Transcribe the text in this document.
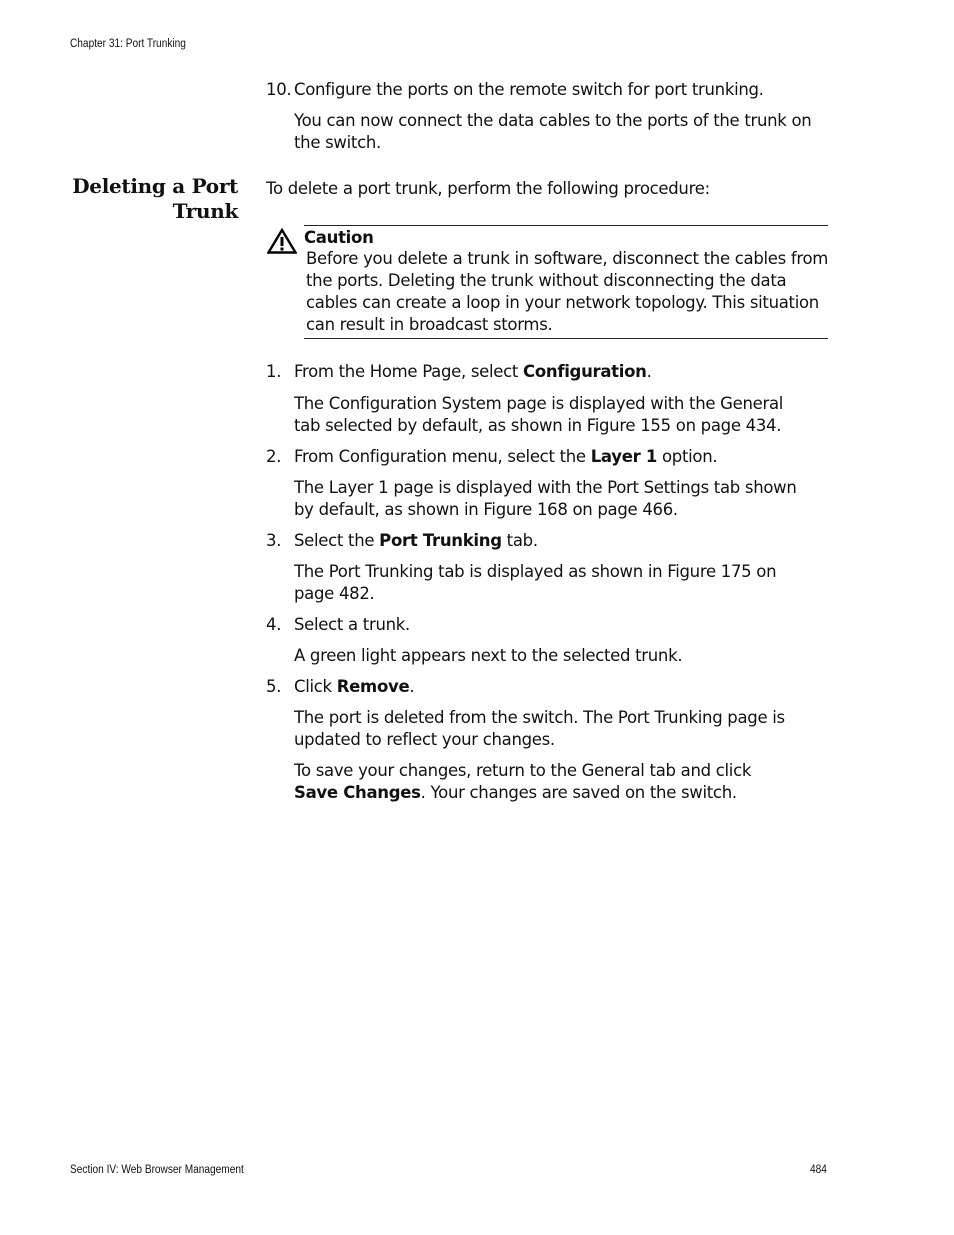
Chapter 31: Port Trunking

10. Configure the ports on the remote switch for port trunking.

You can now connect the data cables to the ports of the trunk on the switch.

Deleting a Port
Trunk

To delete a port trunk, perform the following procedure:

Caution

Before you delete a trunk in software, disconnect the cables from the ports. Deleting the trunk without disconnecting the data cables can create a loop in your network topology. This situation can result in broadcast storms.

1. From the Home Page, select Configuration.

The Configuration System page is displayed with the General tab selected by default, as shown in Figure 155 on page 434.

2. From Configuration menu, select the Layer 1 option.

The Layer 1 page is displayed with the Port Settings tab shown by default, as shown in Figure 168 on page 466.

3. Select the Port Trunking tab.

The Port Trunking tab is displayed as shown in Figure 175 on page 482.

4. Select a trunk.

A green light appears next to the selected trunk.

5. Click Remove.

The port is deleted from the switch. The Port Trunking page is updated to reflect your changes.

To save your changes, return to the General tab and click Save Changes. Your changes are saved on the switch.

Section IV: Web Browser Management	484
